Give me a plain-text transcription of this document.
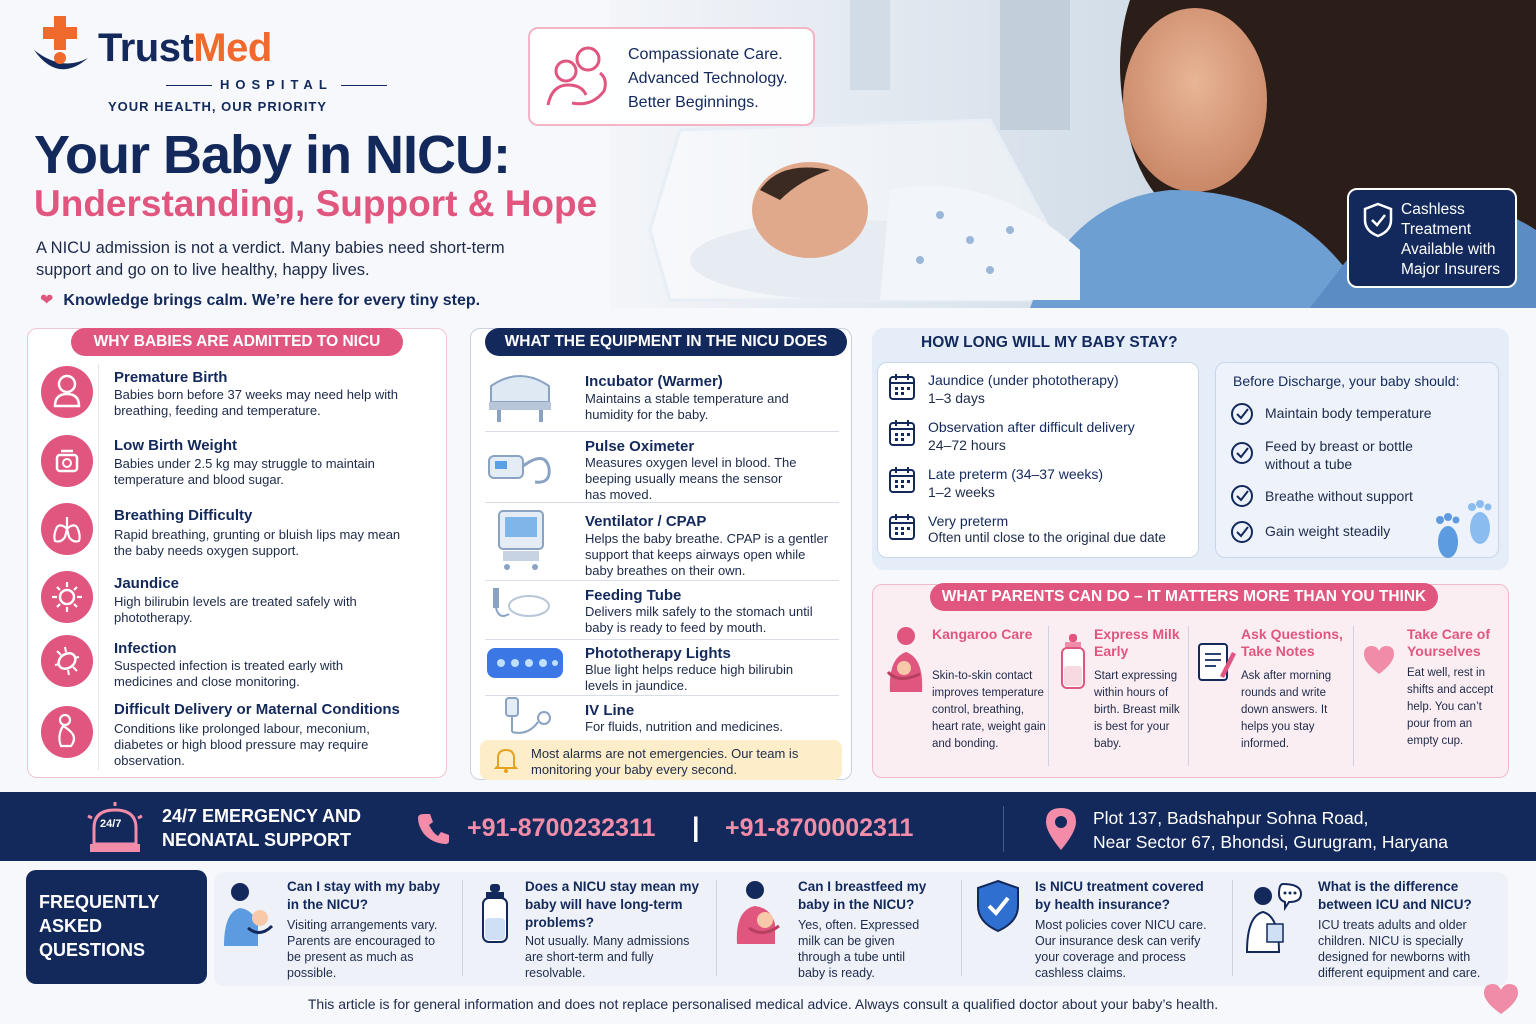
TrustMed
HOSPITAL
YOUR HEALTH, OUR PRIORITY
Your Baby in NICU:
Understanding, Support & Hope
A NICU admission is not a verdict. Many babies need short-term support and go on to live healthy, happy lives.
❤ Knowledge brings calm. We’re here for every tiny step.
Compassionate Care.
Advanced Technology.
Better Beginnings.
Cashless Treatment Available with Major Insurers
WHY BABIES ARE ADMITTED TO NICU
Premature Birth
Babies born before 37 weeks may need help with breathing, feeding and temperature.
Low Birth Weight
Babies under 2.5 kg may struggle to maintain temperature and blood sugar.
Breathing Difficulty
Rapid breathing, grunting or bluish lips may mean the baby needs oxygen support.
Jaundice
High bilirubin levels are treated safely with phototherapy.
Infection
Suspected infection is treated early with medicines and close monitoring.
Difficult Delivery or Maternal Conditions
Conditions like prolonged labour, meconium, diabetes or high blood pressure may require observation.
WHAT THE EQUIPMENT IN THE NICU DOES
Incubator (Warmer)
Maintains a stable temperature and humidity for the baby.
Pulse Oximeter
Measures oxygen level in blood. The beeping usually means the sensor has moved.
Ventilator / CPAP
Helps the baby breathe. CPAP is a gentler support that keeps airways open while baby breathes on their own.
Feeding Tube
Delivers milk safely to the stomach until baby is ready to feed by mouth.
Phototherapy Lights
Blue light helps reduce high bilirubin levels in jaundice.
IV Line
For fluids, nutrition and medicines.
Most alarms are not emergencies. Our team is monitoring your baby every second.
HOW LONG WILL MY BABY STAY?
Jaundice (under phototherapy)
1–3 days
Observation after difficult delivery
24–72 hours
Late preterm (34–37 weeks)
1–2 weeks
Very preterm
Often until close to the original due date
Before Discharge, your baby should:
Maintain body temperature
Feed by breast or bottle without a tube
Breathe without support
Gain weight steadily
WHAT PARENTS CAN DO – IT MATTERS MORE THAN YOU THINK
Kangaroo Care
Skin-to-skin contact improves temperature control, breathing, heart rate, weight gain and bonding.
Express Milk Early
Start expressing within hours of birth. Breast milk is best for your baby.
Ask Questions, Take Notes
Ask after morning rounds and write down answers. It helps you stay informed.
Take Care of Yourselves
Eat well, rest in shifts and accept help. You can’t pour from an empty cup.
24/7 24/7 EMERGENCY AND NEONATAL SUPPORT	+91-8700232311 | +91-8700002311	Plot 137, Badshahpur Sohna Road,
Near Sector 67, Bhondsi, Gurugram, Haryana
FREQUENTLY ASKED QUESTIONS
Can I stay with my baby in the NICU?
Visiting arrangements vary. Parents are encouraged to be present as much as possible.
Does a NICU stay mean my baby will have long-term problems?
Not usually. Many admissions are short-term and fully resolvable.
Can I breastfeed my baby in the NICU?
Yes, often. Expressed milk can be given through a tube until baby is ready.
Is NICU treatment covered by health insurance?
Most policies cover NICU care. Our insurance desk can verify your coverage and process cashless claims.
What is the difference between ICU and NICU?
ICU treats adults and older children. NICU is specially designed for newborns with different equipment and care.
This article is for general information and does not replace personalised medical advice. Always consult a qualified doctor about your baby’s health.
